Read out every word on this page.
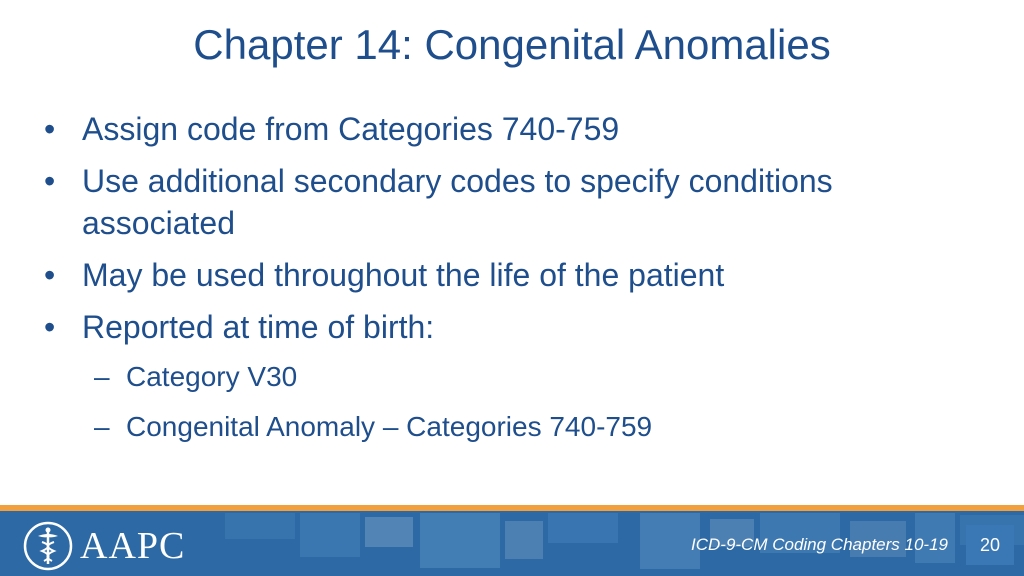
Chapter 14: Congenital Anomalies
• Assign code from Categories 740-759
• Use additional secondary codes to specify conditions associated
• May be used throughout the life of the patient
• Reported at time of birth:
– Category V30
– Congenital Anomaly – Categories 740-759
AAPC	ICD-9-CM Coding Chapters 10-19	20
